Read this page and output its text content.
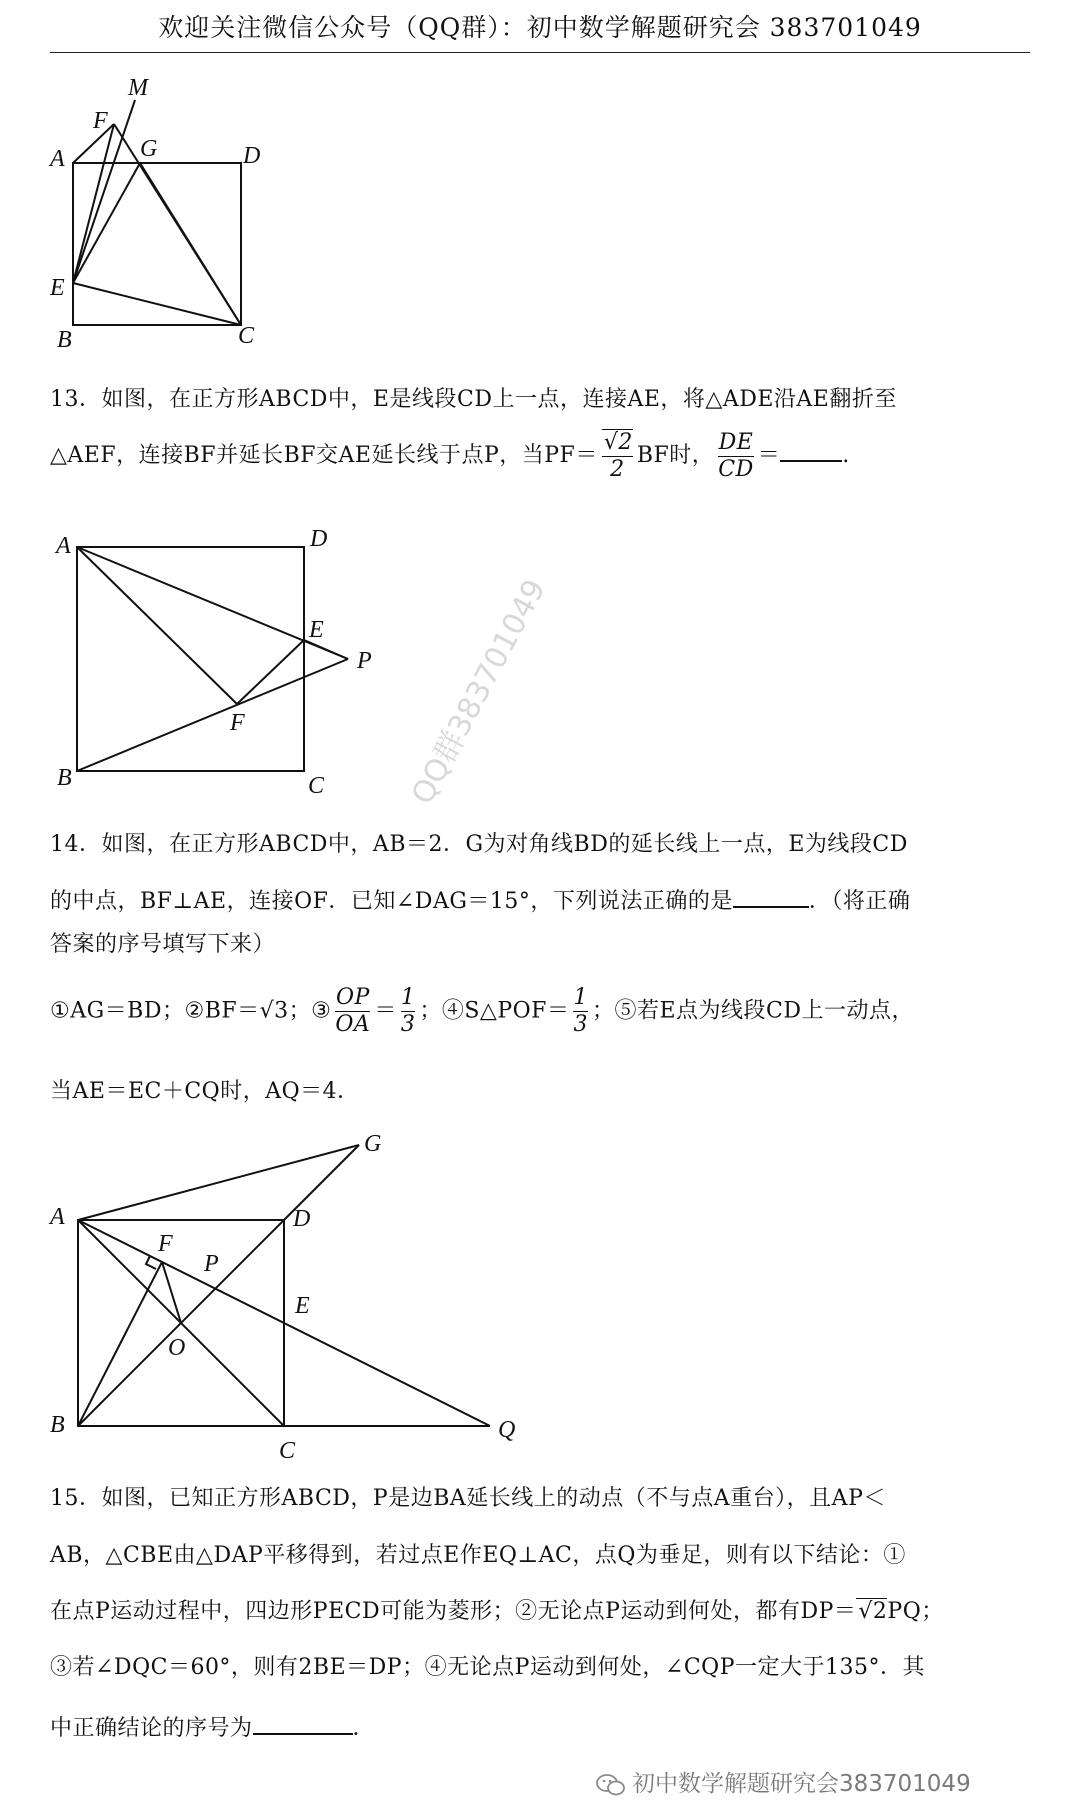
欢迎关注微信公众号（QQ群）：初中数学解题研究会 383701049
M
F
A	G	D
E
B	C
13．如图，在正方形ABCD中，E是线段CD上一点，连接AE，将△ADE沿AE翻折至
△AEF，连接BF并延长BF交AE延长线于点P，当$PF= \frac{√2}{2}$ BF时， $\frac{DE}{CD}$ ＝	.
A	D
E
P
F
B	C
14．如图，在正方形ABCD中，AB＝2．G为对角线BD的延长线上一点，E为线段CD
的中点，BF⊥AE，连接OF．已知∠DAG＝15°，下列说法正确的是	．（将正确
答案的序号填写下来）
①AG＝BD；②BF＝√3；③ $\frac{OP}{OA} = \frac{1}{3}$ ；④S△POF＝ $\frac{1}{3}$ ；⑤若E点为线段CD上一动点，
当AE＝EC＋CQ时，AQ＝4．
G
A	D
F
P
E
O
B
C
Q
15．如图，已知正方形ABCD，P是边BA延长线上的动点（不与点A重台），且AP＜
AB，△CBE由△DAP平移得到，若过点E作EQ⊥AC，点Q为垂足，则有以下结论：①
在点P运动过程中，四边形PECD可能为菱形；②无论点P运动到何处，都有DP＝√2PQ；
③若∠DQC＝60°，则有2BE＝DP；④无论点P运动到何处，∠CQP一定大于135°．其
中正确结论的序号为	．
QQ群383701049
初中数学解题研究会383701049
